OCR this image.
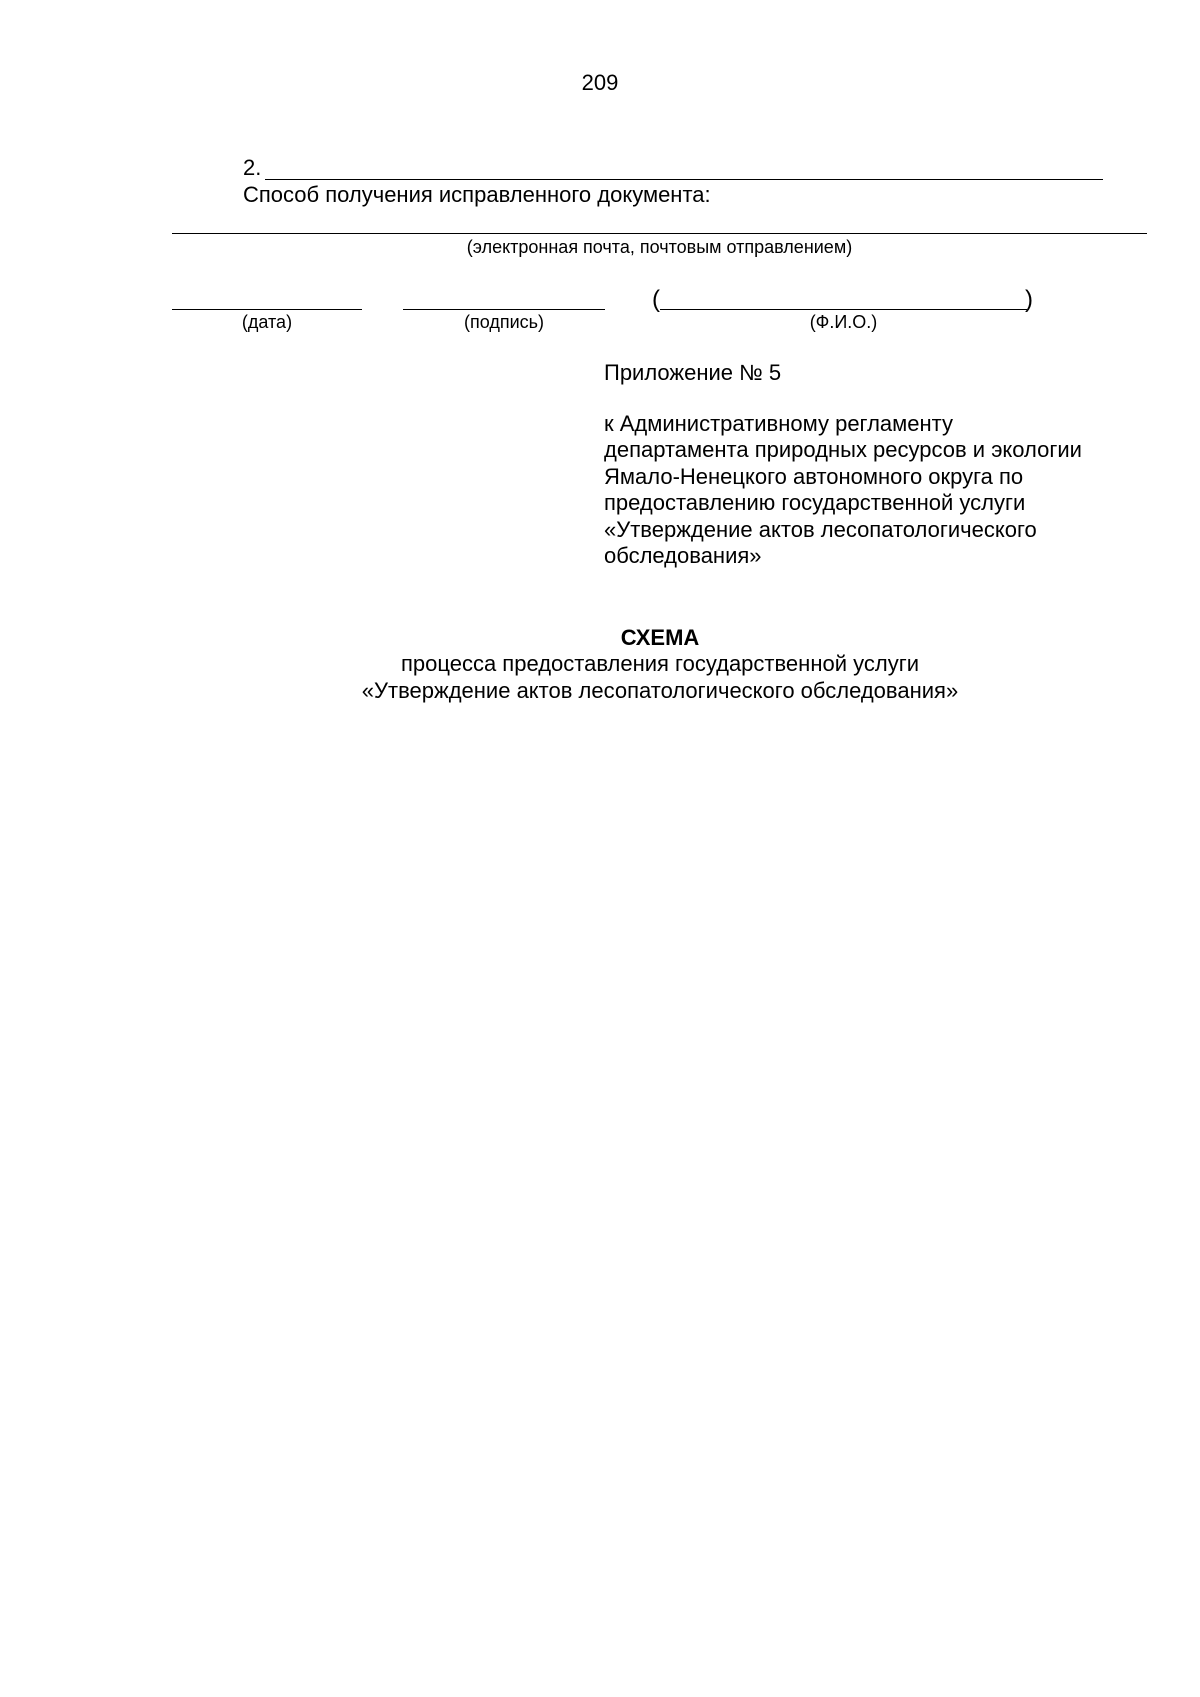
209
2.
Способ получения исправленного документа:
(электронная почта, почтовым отправлением)
(	)
(дата)	(подпись)	(Ф.И.О.)
Приложение № 5
к Административному регламенту
департамента природных ресурсов и экологии
Ямало-Ненецкого автономного округа по
предоставлению государственной услуги
«Утверждение актов лесопатологического
обследования»
СХЕМА
процесса предоставления государственной услуги
«Утверждение актов лесопатологического обследования»
